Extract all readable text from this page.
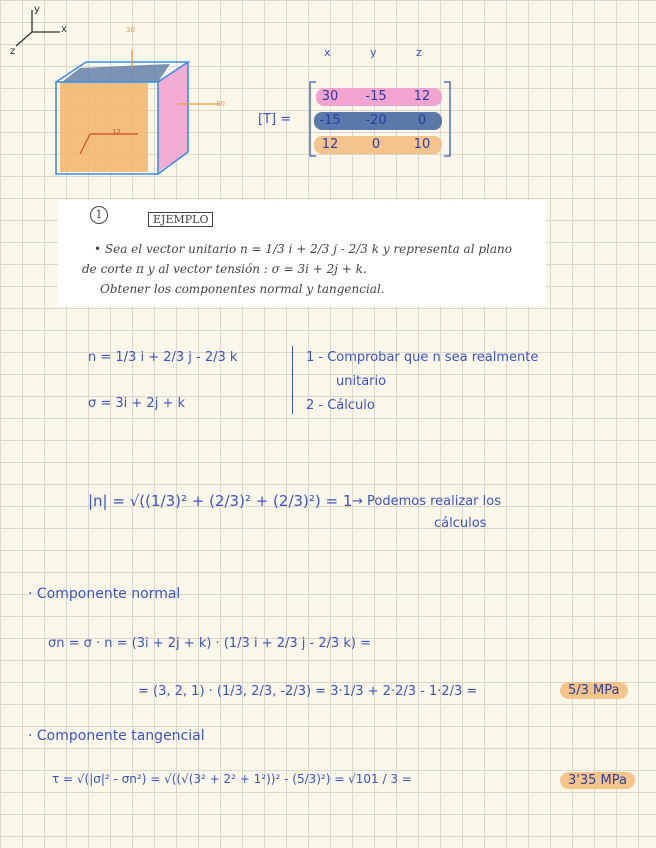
y
x
z
30
30
12
x	y	z
[T] =
30	-15	12
-15	-20	0
12	0	10
1	EJEMPLO
• Sea el vector unitario n = 1/3 i + 2/3 j - 2/3 k y representa al plano
de corte π y al vector tensión : σ = 3i + 2j + k.
Obtener los componentes normal y tangencial.
n = 1/3 i + 2/3 j - 2/3 k
σ = 3i + 2j + k
1 - Comprobar que n sea realmente
unitario
2 - Cálculo
|n| = √((1/3)² + (2/3)² + (2/3)²) = 1 → Podemos realizar los
cálculos
· Componente normal
σn = σ · n = (3i + 2j + k) · (1/3 i + 2/3 j - 2/3 k) =
= (3, 2, 1) · (1/3, 2/3, -2/3) = 3·1/3 + 2·2/3 - 1·2/3 =	5/3 MPa
· Componente tangencial
τ = √(|σ|² - σn²) = √((√(3² + 2² + 1²))² - (5/3)²) = √101 / 3 =	3'35 MPa
